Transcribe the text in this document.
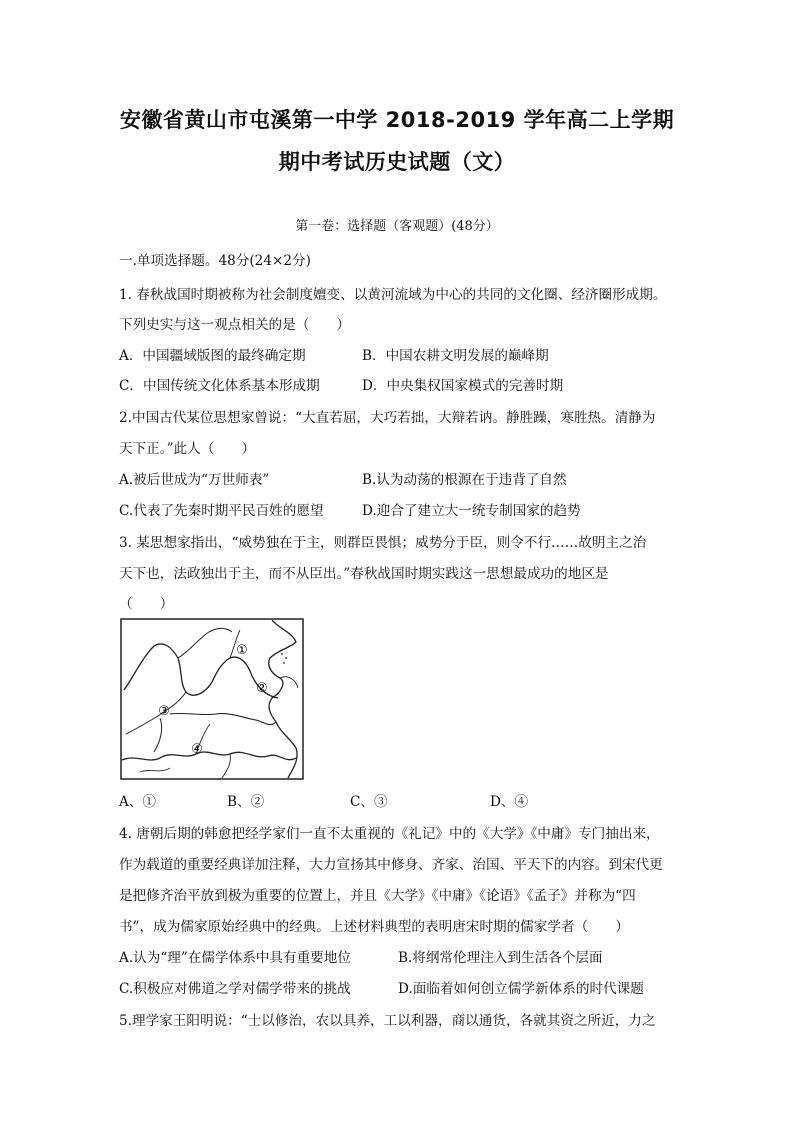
安徽省黄山市屯溪第一中学 2018-2019 学年高二上学期
期中考试历史试题（文）
第一卷：选择题（客观题）(48分）
一.单项选择题。48分(24×2分)
1. 春秋战国时期被称为社会制度嬗变、以黄河流域为中心的共同的文化圈、经济圈形成期。
下列史实与这一观点相关的是（　　）
A．中国疆域版图的最终确定期	B．中国农耕文明发展的巅峰期
C．中国传统文化体系基本形成期	D．中央集权国家模式的完善时期
2.中国古代某位思想家曾说：“大直若屈，大巧若拙，大辩若讷。静胜躁，寒胜热。清静为
天下正。”此人（　　）
A.被后世成为“万世师表”	B.认为动荡的根源在于违背了自然
C.代表了先秦时期平民百姓的愿望	D.迎合了建立大一统专制国家的趋势
3. 某思想家指出，“威势独在于主，则群臣畏惧；威势分于臣，则令不行……故明主之治
天下也，法政独出于主，而不从臣出。”春秋战国时期实践这一思想最成功的地区是
（　　）
①
②
③
④
A、①	B、②	C、③	D、④
4. 唐朝后期的韩愈把经学家们一直不太重视的《礼记》中的《大学》《中庸》专门抽出来，
作为载道的重要经典详加注释，大力宣扬其中修身、齐家、治国、平天下的内容。到宋代更
是把修齐治平放到极为重要的位置上，并且《大学》《中庸》《论语》《孟子》并称为“四
书”，成为儒家原始经典中的经典。上述材料典型的表明唐宋时期的儒家学者（　　）
A.认为“理”在儒学体系中具有重要地位	B.将纲常伦理注入到生活各个层面
C.积极应对佛道之学对儒学带来的挑战	D.面临着如何创立儒学新体系的时代课题
5.理学家王阳明说：“士以修治，农以具养，工以利器，商以通货，各就其资之所近，力之
